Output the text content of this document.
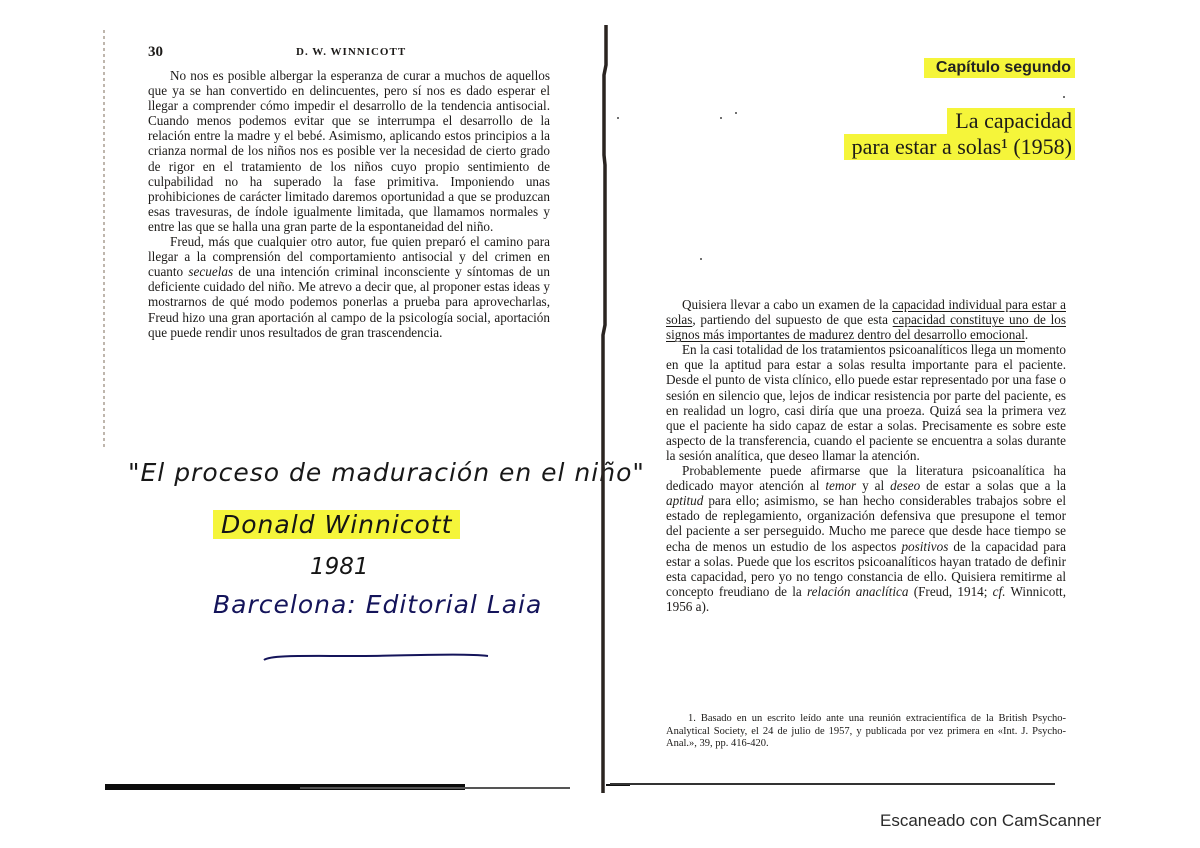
30	D. W. WINNICOTT

No nos es posible albergar la esperanza de curar a muchos de aquellos que ya se han convertido en delincuentes, pero sí nos es dado esperar el llegar a comprender cómo impedir el desarrollo de la tendencia antisocial. Cuando menos podemos evitar que se interrumpa el desarrollo de la relación entre la madre y el bebé. Asimismo, aplicando estos principios a la crianza normal de los niños nos es posible ver la necesidad de cierto grado de rigor en el tratamiento de los niños cuyo propio sentimiento de culpabilidad no ha superado la fase primitiva. Imponiendo unas prohibiciones de carácter limitado daremos oportunidad a que se produzcan esas travesuras, de índole igualmente limitada, que llamamos normales y entre las que se halla una gran parte de la espontaneidad del niño.

Freud, más que cualquier otro autor, fue quien preparó el camino para llegar a la comprensión del comportamiento antisocial y del crimen en cuanto secuelas de una intención criminal inconsciente y síntomas de un deficiente cuidado del niño. Me atrevo a decir que, al proponer estas ideas y mostrarnos de qué modo podemos ponerlas a prueba para aprovecharlas, Freud hizo una gran aportación al campo de la psicología social, aportación que puede rendir unos resultados de gran trascendencia.

"El proceso de maduración en el niño"
Donald Winnicott
1981
Barcelona: Editorial Laia
Capítulo segundo
La capacidad
para estar a solas¹ (1958)

Quisiera llevar a cabo un examen de la capacidad individual para estar a solas, partiendo del supuesto de que esta capacidad constituye uno de los signos más importantes de madurez dentro del desarrollo emocional.

En la casi totalidad de los tratamientos psicoanalíticos llega un momento en que la aptitud para estar a solas resulta importante para el paciente. Desde el punto de vista clínico, ello puede estar representado por una fase o sesión en silencio que, lejos de indicar resistencia por parte del paciente, es en realidad un logro, casi diría que una proeza. Quizá sea la primera vez que el paciente ha sido capaz de estar a solas. Precisamente es sobre este aspecto de la transferencia, cuando el paciente se encuentra a solas durante la sesión analítica, que deseo llamar la atención.

Probablemente puede afirmarse que la literatura psicoanalítica ha dedicado mayor atención al temor y al deseo de estar a solas que a la aptitud para ello; asimismo, se han hecho considerables trabajos sobre el estado de replegamiento, organización defensiva que presupone el temor del paciente a ser perseguido. Mucho me parece que desde hace tiempo se echa de menos un estudio de los aspectos positivos de la capacidad para estar a solas. Puede que los escritos psicoanalíticos hayan tratado de definir esta capacidad, pero yo no tengo constancia de ello. Quisiera remitirme al concepto freudiano de la relación anaclítica (Freud, 1914; cf. Winnicott, 1956 a).

1. Basado en un escrito leído ante una reunión extracientífica de la British Psycho-Analytical Society, el 24 de julio de 1957, y publicada por vez primera en «Int. J. Psycho-Anal.», 39, pp. 416-420.

Escaneado con CamScanner
